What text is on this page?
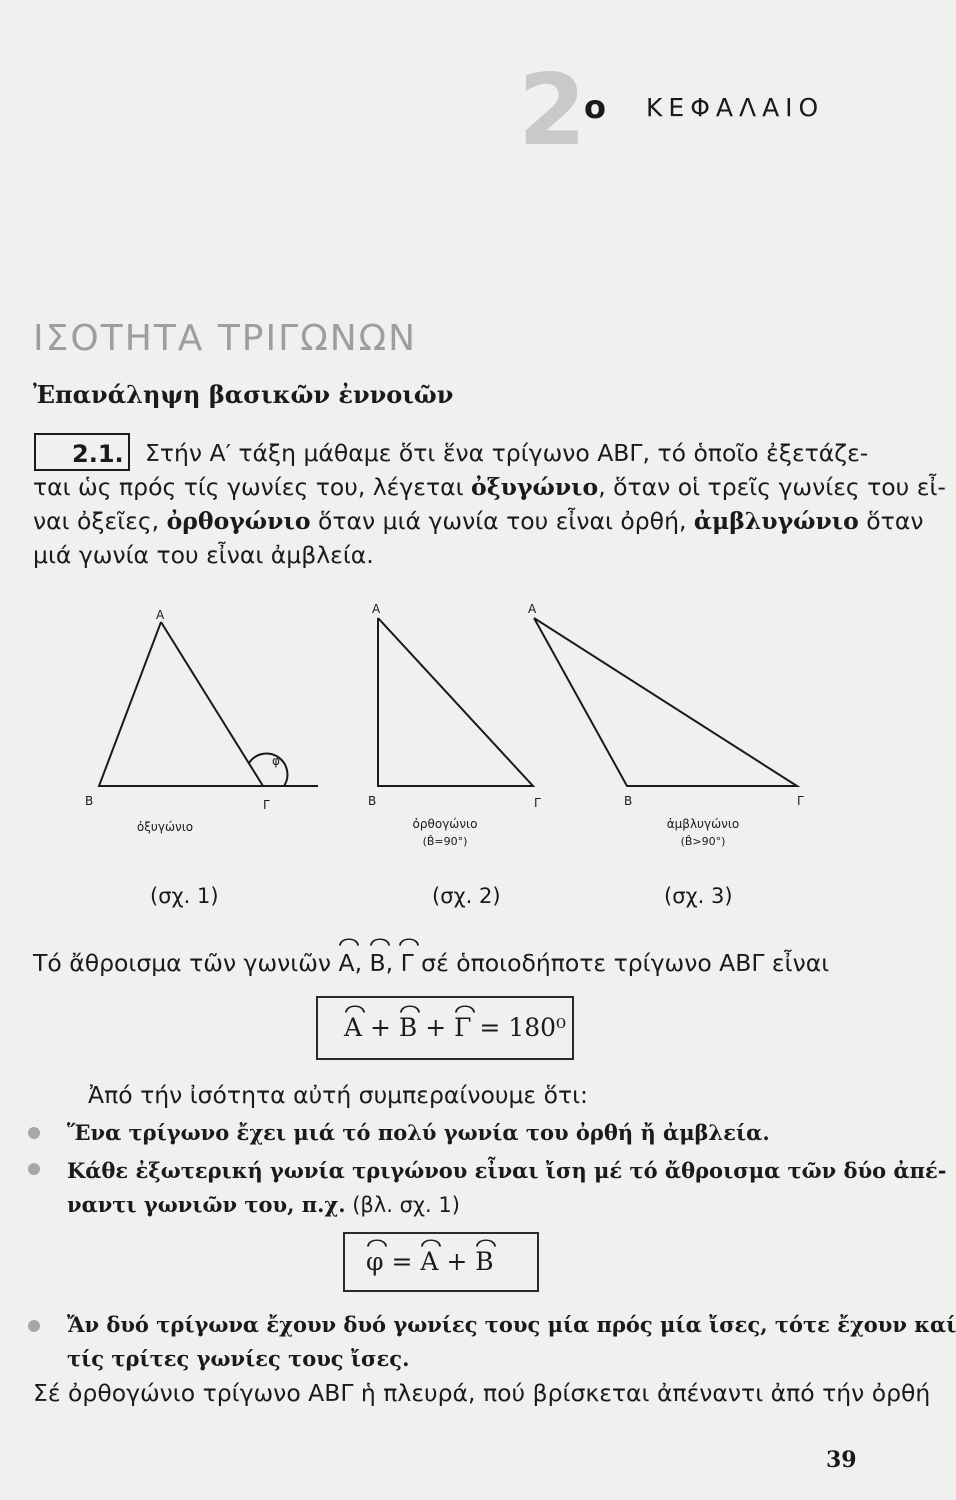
2
ο ΚΕΦΑΛΑΙΟ
ΙΣΟΤΗΤΑ ΤΡΙΓΩΝΩΝ
Ἐπανάληψη βασικῶν ἐννοιῶν
2.1. Στήν Α′ τάξη μάθαμε ὅτι ἕνα τρίγωνο ΑΒΓ, τό ὁποῖο ἐξετάζε-
ται ὡς πρός τίς γωνίες του, λέγεται ὀξυγώνιο, ὅταν οἱ τρεῖς γωνίες του εἶ-
ναι ὀξεῖες, ὀρθογώνιο ὅταν μιά γωνία του εἶναι ὀρθή, ἀμβλυγώνιο ὅταν
μιά γωνία του εἶναι ἀμβλεία.
Α
Β	Γ
φ
Α
Β	Γ
Α
Β	Γ
ὀξυγώνιο	ὀρθογώνιο
(B̂=90°)
ἀμβλυγώνιο
(B̂>90°)
(σχ. 1)	(σχ. 2)	(σχ. 3)
Τό ἄθροισμα τῶν γωνιῶν Α, Β, Γ σέ ὁποιοδήποτε τρίγωνο ΑΒΓ εἶναι
Α + Β + Γ = 180⁰
Ἀπό τήν ἰσότητα αὐτή συμπεραίνουμε ὅτι:
Ἕνα τρίγωνο ἔχει μιά τό πολύ γωνία του ὀρθή ἤ ἀμβλεία.
Κάθε ἐξωτερική γωνία τριγώνου εἶναι ἴση μέ τό ἄθροισμα τῶν δύο ἀπέ-
ναντι γωνιῶν του, π.χ. (βλ. σχ. 1)
φ = Α + Β
Ἄν δυό τρίγωνα ἔχουν δυό γωνίες τους μία πρός μία ἴσες, τότε ἔχουν καί
τίς τρίτες γωνίες τους ἴσες.
Σέ ὀρθογώνιο τρίγωνο ΑΒΓ ἡ πλευρά, πού βρίσκεται ἀπέναντι ἀπό τήν ὀρθή
39
